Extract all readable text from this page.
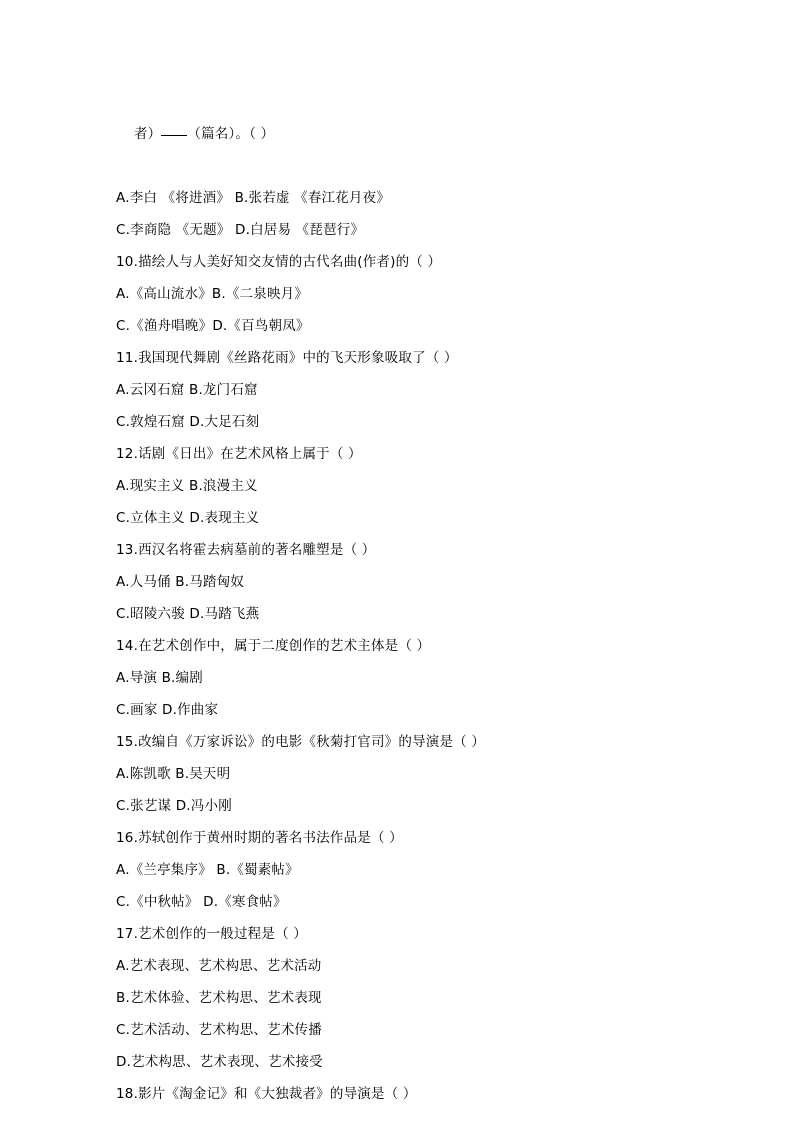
者） （篇名）。（ ）

A.李白 《将进酒》 B.张若虚 《春江花月夜》
C.李商隐 《无题》 D.白居易 《琵琶行》
10.描绘人与人美好知交友情的古代名曲(作者)的（ ）
A.《高山流水》B.《二泉映月》
C.《渔舟唱晚》D.《百鸟朝凤》
11.我国现代舞剧《丝路花雨》中的飞天形象吸取了（ ）
A.云冈石窟 B.龙门石窟
C.敦煌石窟 D.大足石刻
12.话剧《日出》在艺术风格上属于（ ）
A.现实主义 B.浪漫主义
C.立体主义 D.表现主义
13.西汉名将霍去病墓前的著名雕塑是（ ）
A.人马俑 B.马踏匈奴
C.昭陵六骏 D.马踏飞燕
14.在艺术创作中，属于二度创作的艺术主体是（ ）
A.导演 B.编剧
C.画家 D.作曲家
15.改编自《万家诉讼》的电影《秋菊打官司》的导演是（ ）
A.陈凯歌 B.吴天明
C.张艺谋 D.冯小刚
16.苏轼创作于黄州时期的著名书法作品是（ ）
A.《兰亭集序》 B.《蜀素帖》
C.《中秋帖》 D.《寒食帖》
17.艺术创作的一般过程是（ ）
A.艺术表现、艺术构思、艺术活动
B.艺术体验、艺术构思、艺术表现
C.艺术活动、艺术构思、艺术传播
D.艺术构思、艺术表现、艺术接受
18.影片《淘金记》和《大独裁者》的导演是（ ）
